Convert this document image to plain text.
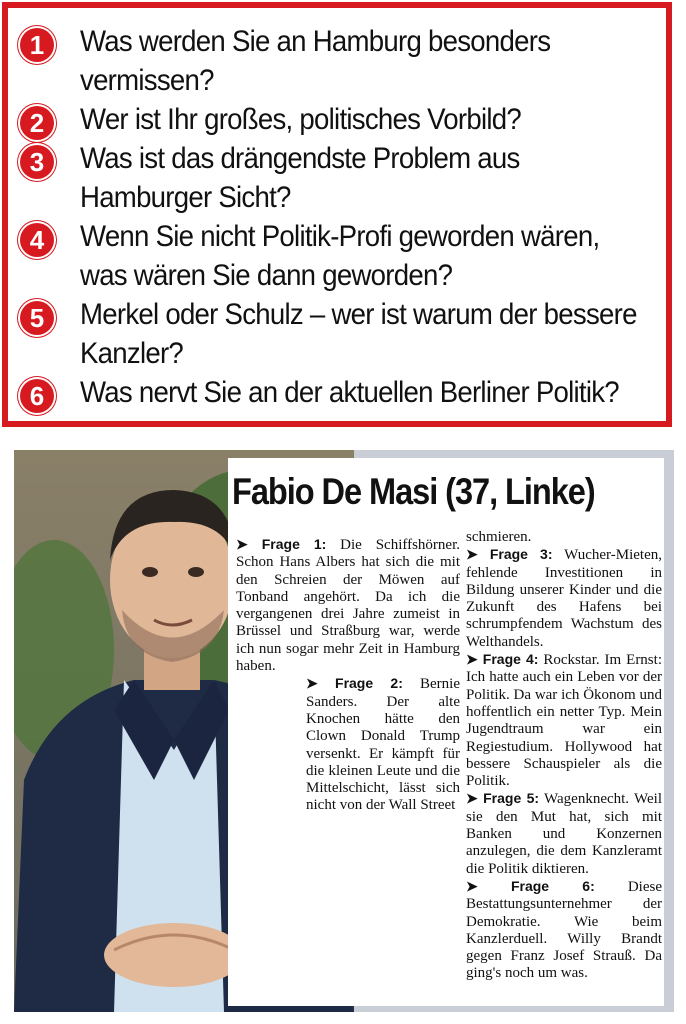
1	Was werden Sie an Hamburg besonders vermissen?
2	Wer ist Ihr großes, politisches Vorbild?
3	Was ist das drängendste Problem aus Hamburger Sicht?
4	Wenn Sie nicht Politik-Profi geworden wären, was wären Sie dann geworden?
5	Merkel oder Schulz – wer ist warum der bessere Kanzler?
6	Was nervt Sie an der aktuellen Berliner Politik?
Fabio De Masi (37, Linke)

➤ Frage 1: Die Schiffshörner. Schon Hans Albers hat sich die mit den Schreien der Möwen auf Tonband angehört. Da ich die vergangenen drei Jahre zumeist in Brüssel und Straßburg war, werde ich nun sogar mehr Zeit in Hamburg haben.

➤ Frage 2: Bernie Sanders. Der alte Knochen hätte den Clown Donald Trump versenkt. Er kämpft für die kleinen Leute und die Mittelschicht, lässt sich nicht von der Wall Street

schmieren.

➤ Frage 3: Wucher-Mieten, fehlende Investitionen in Bildung unserer Kinder und die Zukunft des Hafens bei schrumpfendem Wachstum des Welthandels.

➤ Frage 4: Rockstar. Im Ernst: Ich hatte auch ein Leben vor der Politik. Da war ich Ökonom und hoffentlich ein netter Typ. Mein Jugendtraum war ein Regiestudium. Hollywood hat bessere Schauspieler als die Politik.

➤ Frage 5: Wagenknecht. Weil sie den Mut hat, sich mit Banken und Konzernen anzulegen, die dem Kanzleramt die Politik diktieren.

➤ Frage 6: Diese Bestattungsunternehmer der Demokratie. Wie beim Kanzlerduell. Willy Brandt gegen Franz Josef Strauß. Da ging's noch um was.
